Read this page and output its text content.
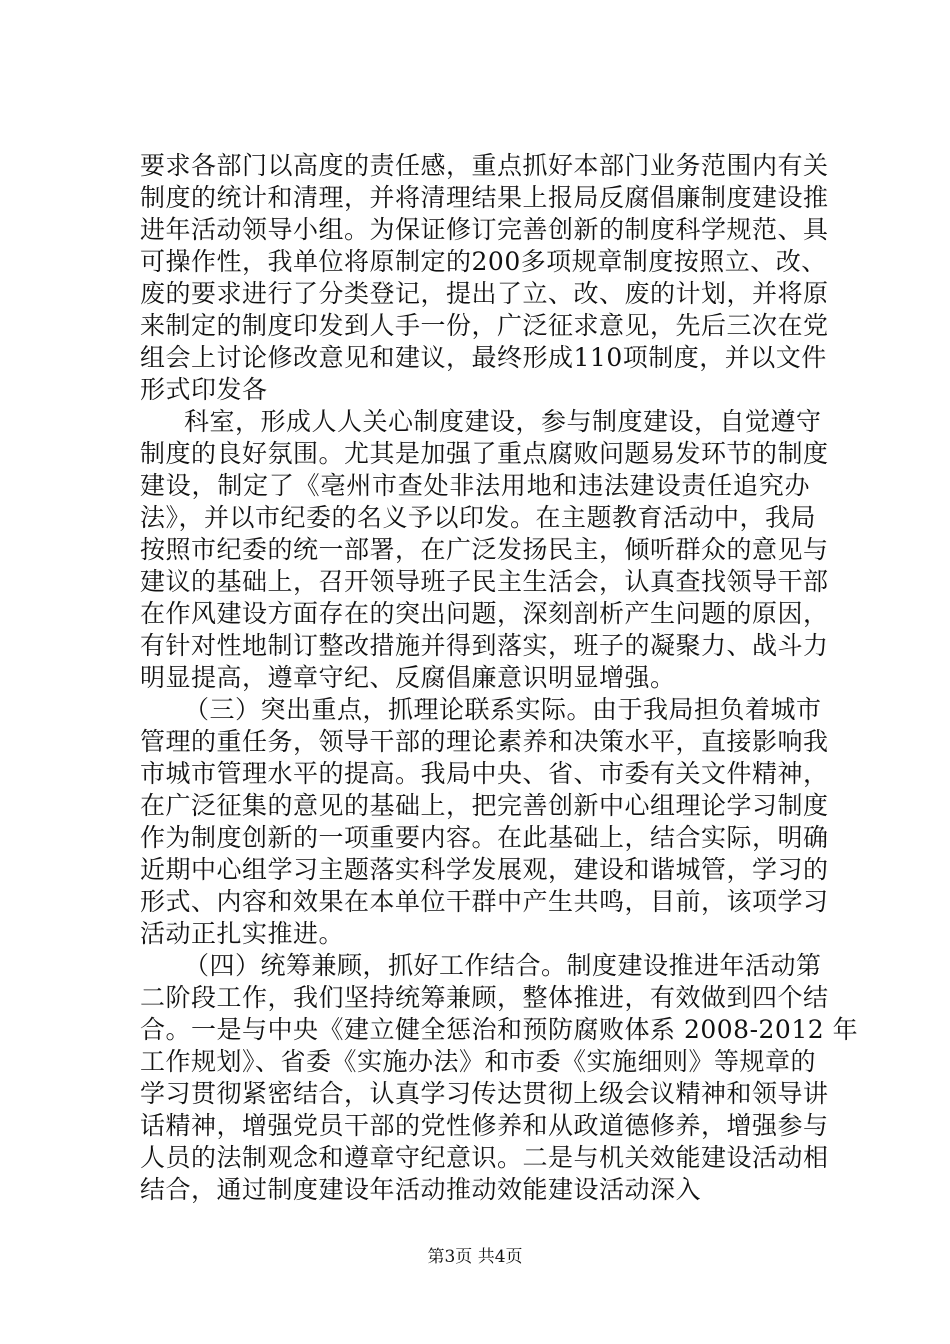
要求各部门以高度的责任感，重点抓好本部门业务范围内有关
制度的统计和清理，并将清理结果上报局反腐倡廉制度建设推
进年活动领导小组。为保证修订完善创新的制度科学规范、具
可操作性，我单位将原制定的200多项规章制度按照立、改、
废的要求进行了分类登记，提出了立、改、废的计划，并将原
来制定的制度印发到人手一份，广泛征求意见，先后三次在党
组会上讨论修改意见和建议，最终形成110项制度，并以文件
形式印发各
科室，形成人人关心制度建设，参与制度建设，自觉遵守
制度的良好氛围。尤其是加强了重点腐败问题易发环节的制度
建设，制定了《亳州市查处非法用地和违法建设责任追究办
法》，并以市纪委的名义予以印发。在主题教育活动中，我局
按照市纪委的统一部署，在广泛发扬民主，倾听群众的意见与
建议的基础上，召开领导班子民主生活会，认真查找领导干部
在作风建设方面存在的突出问题，深刻剖析产生问题的原因，
有针对性地制订整改措施并得到落实，班子的凝聚力、战斗力
明显提高，遵章守纪、反腐倡廉意识明显增强。
（三）突出重点，抓理论联系实际。由于我局担负着城市
管理的重任务，领导干部的理论素养和决策水平，直接影响我
市城市管理水平的提高。我局中央、省、市委有关文件精神，
在广泛征集的意见的基础上，把完善创新中心组理论学习制度
作为制度创新的一项重要内容。在此基础上，结合实际，明确
近期中心组学习主题落实科学发展观，建设和谐城管，学习的
形式、内容和效果在本单位干群中产生共鸣，目前，该项学习
活动正扎实推进。
（四）统筹兼顾，抓好工作结合。制度建设推进年活动第
二阶段工作，我们坚持统筹兼顾，整体推进，有效做到四个结
合。一是与中央《建立健全惩治和预防腐败体系 2008-2012 年
工作规划》、省委《实施办法》和市委《实施细则》等规章的
学习贯彻紧密结合，认真学习传达贯彻上级会议精神和领导讲
话精神，增强党员干部的党性修养和从政道德修养，增强参与
人员的法制观念和遵章守纪意识。二是与机关效能建设活动相
结合，通过制度建设年活动推动效能建设活动深入
第3页 共4页
